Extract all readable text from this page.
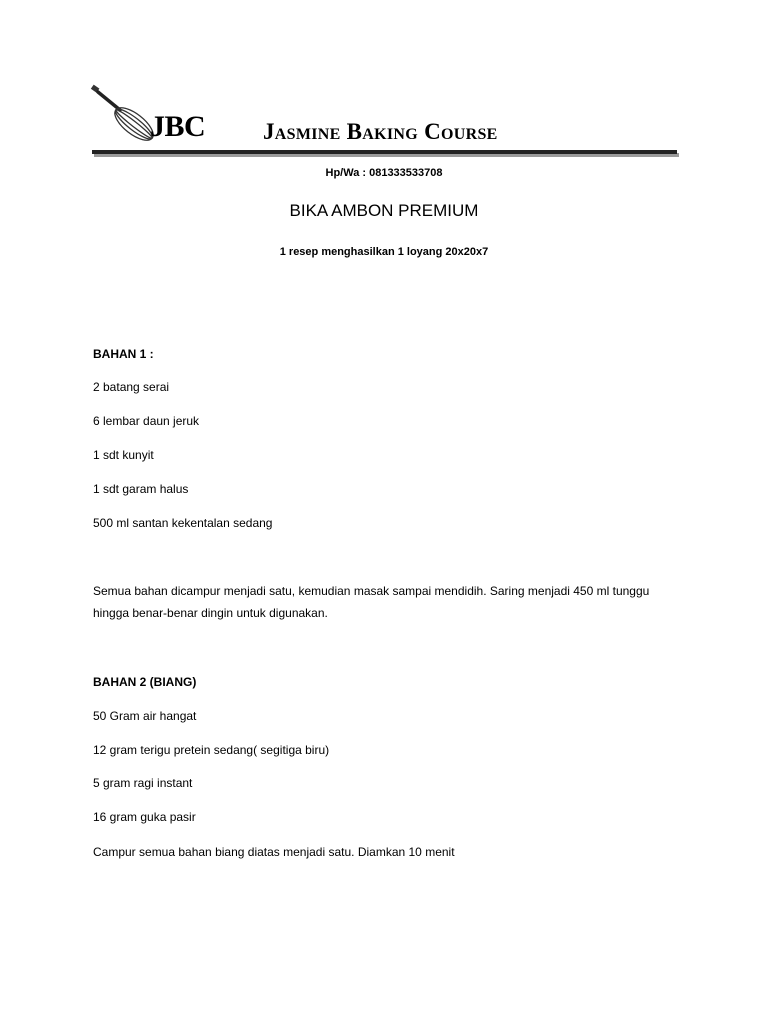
JBC	Jasmine Baking Course
Hp/Wa : 081333533708
BIKA AMBON PREMIUM
1 resep menghasilkan 1 loyang 20x20x7
BAHAN 1 :
2 batang serai
6 lembar daun jeruk
1 sdt kunyit
1 sdt garam halus
500 ml santan kekentalan sedang
Semua bahan dicampur menjadi satu, kemudian masak sampai mendidih. Saring menjadi 450 ml tunggu hingga benar-benar dingin untuk digunakan.
BAHAN 2 (BIANG)
50 Gram air hangat
12 gram terigu pretein sedang( segitiga biru)
5 gram ragi instant
16 gram guka pasir
Campur semua bahan biang diatas menjadi satu. Diamkan 10 menit
